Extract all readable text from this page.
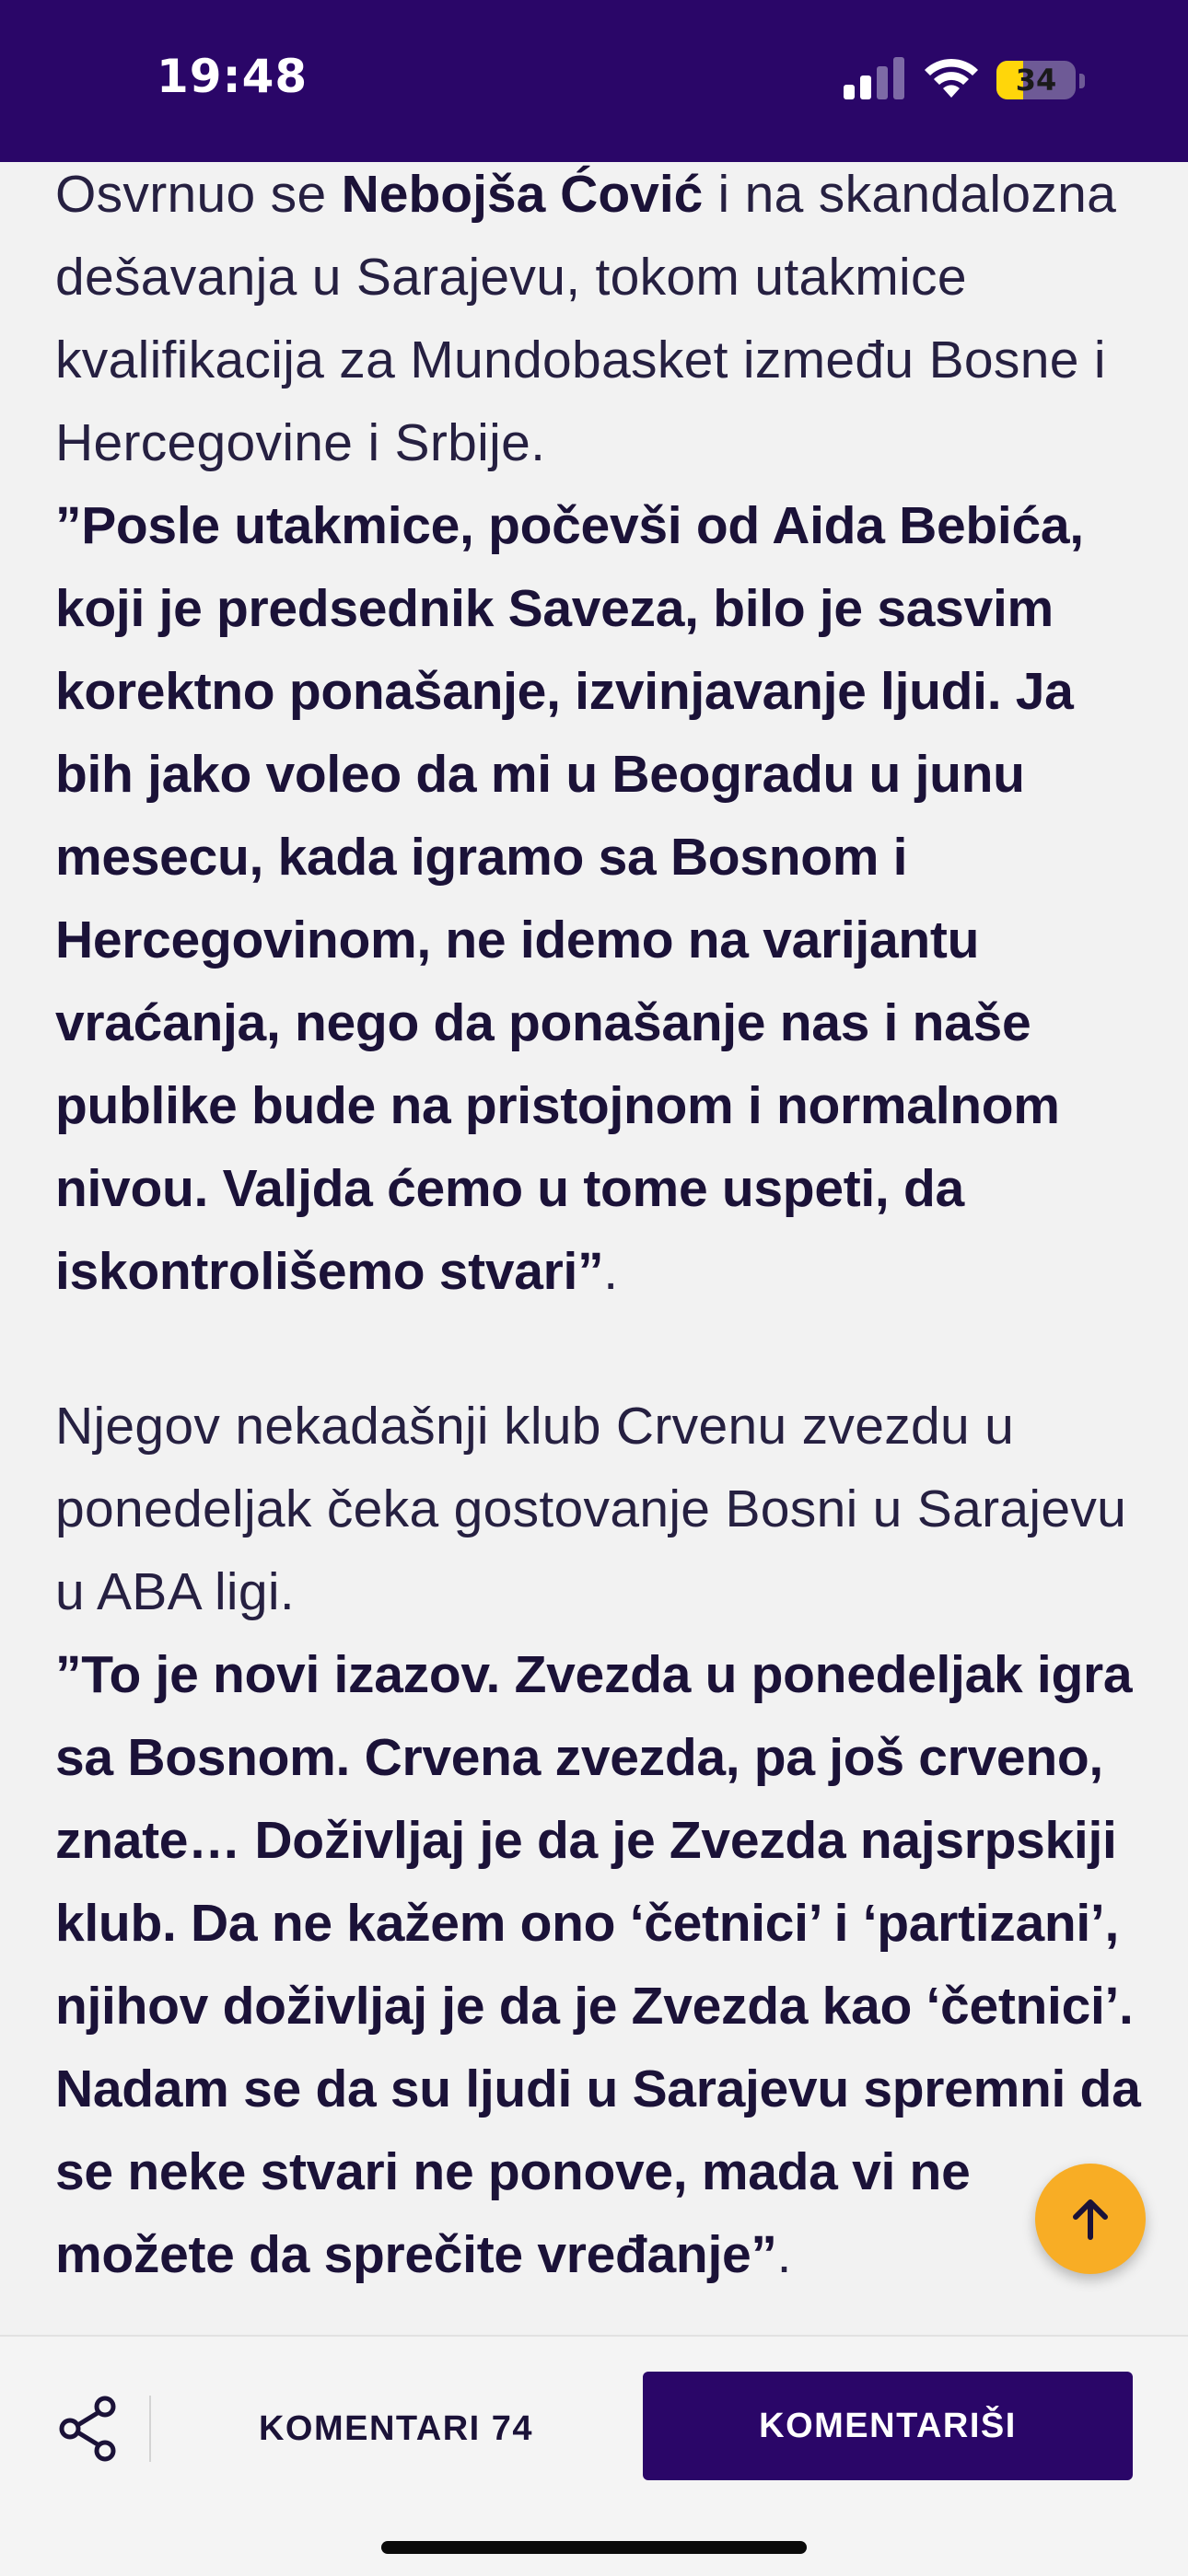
19:48	34

Osvrnuo se Nebojša Ćović i na skandalozna dešavanja u Sarajevu, tokom utakmice kvalifikacija za Mundobasket između Bosne i Hercegovine i Srbije.
”Posle utakmice, počevši od Aida Bebića, koji je predsednik Saveza, bilo je sasvim korektno ponašanje, izvinjavanje ljudi. Ja bih jako voleo da mi u Beogradu u junu mesecu, kada igramo sa Bosnom i Hercegovinom, ne idemo na varijantu vraćanja, nego da ponašanje nas i naše publike bude na pristojnom i normalnom nivou. Valjda ćemo u tome uspeti, da iskontrolišemo stvari”.

Njegov nekadašnji klub Crvenu zvezdu u ponedeljak čeka gostovanje Bosni u Sarajevu u ABA ligi.
”To je novi izazov. Zvezda u ponedeljak igra sa Bosnom. Crvena zvezda, pa još crveno, znate… Doživljaj je da je Zvezda najsrpskiji klub. Da ne kažem ono ‘četnici’ i ‘partizani’, njihov doživljaj je da je Zvezda kao ‘četnici’. Nadam se da su ljudi u Sarajevu spremni da se neke stvari ne ponove, mada vi ne možete da sprečite vređanje”.

KOMENTARI 74	KOMENTARIŠI
